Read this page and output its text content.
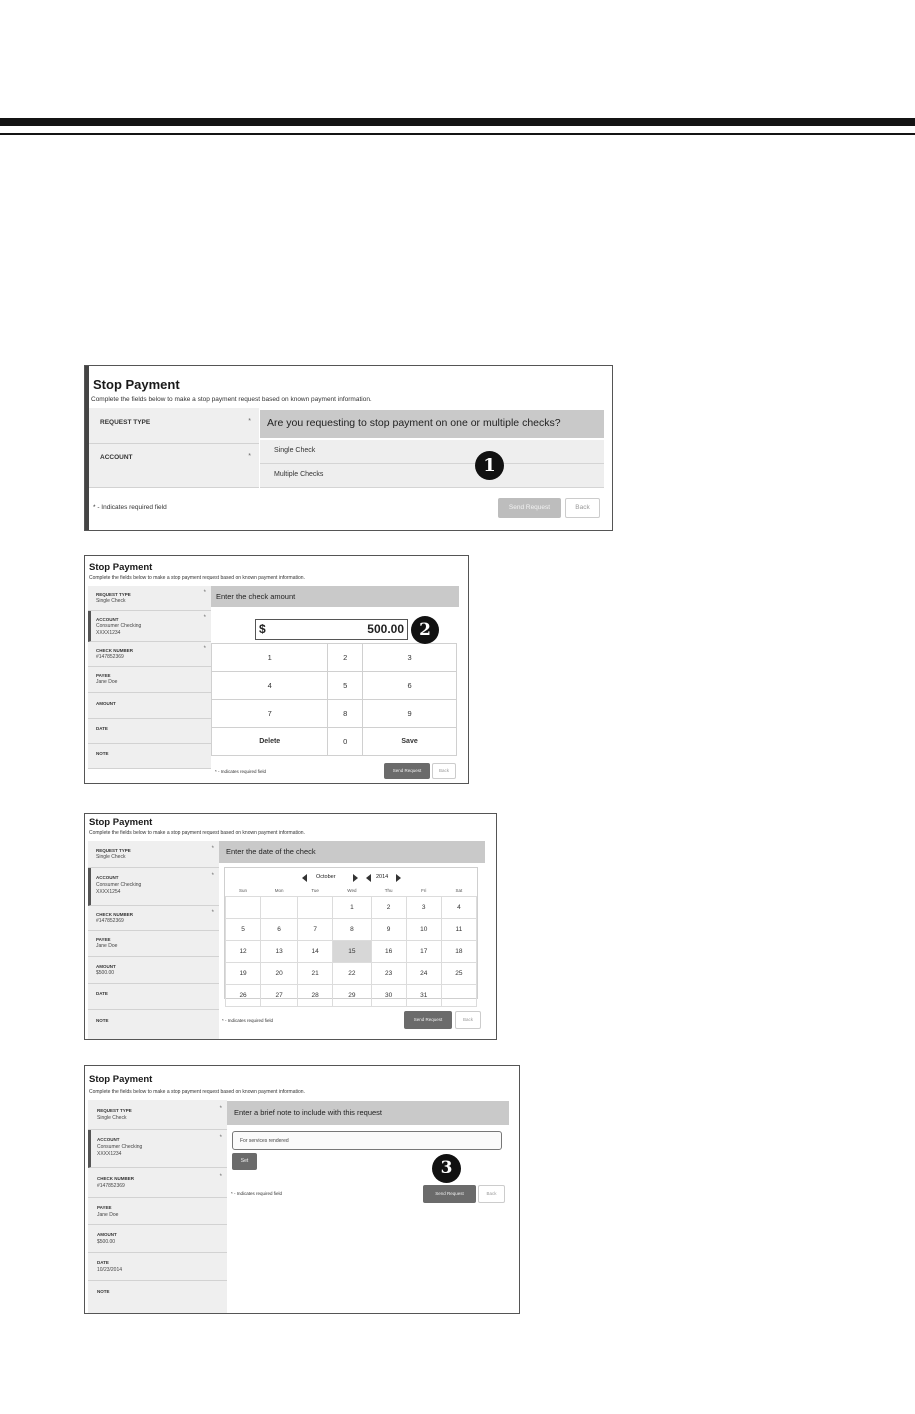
Stop Payment
Complete the fields below to make a stop payment request based on known payment information.
REQUEST TYPE	*
ACCOUNT	*
Are you requesting to stop payment on one or multiple checks?
Single Check
Multiple Checks
* - Indicates required field	Send Request	Back
1
Stop Payment
Complete the fields below to make a stop payment request based on known payment information.
REQUEST TYPE
Single Check
*
ACCOUNT
Consumer Checking
XXXX1234
*
CHECK NUMBER
#147852369
*
PAYEE
Jane Doe
AMOUNT
DATE
NOTE
Enter the check amount
$	500.00
1	2	3
4	5	6
7	8	9
Delete	0	Save
* - Indicates required field	Send Request	Back
2
Stop Payment
Complete the fields below to make a stop payment request based on known payment information.
REQUEST TYPE
Single Check
*
ACCOUNT
Consumer Checking
XXXX1254
*
CHECK NUMBER
#147852369
*
PAYEE
Jane Doe
AMOUNT
$500.00
DATE
NOTE
Enter the date of the check
October	2014
Sun	Mon	Tue	Wed	Thu	Fri	Sat
			1	2	3	4
5	6	7	8	9	10	11
12	13	14	15	16	17	18
19	20	21	22	23	24	25
26	27	28	29	30	31	
* - Indicates required field	Send Request	Back
Stop Payment
Complete the fields below to make a stop payment request based on known payment information.
REQUEST TYPE
Single Check
*
ACCOUNT
Consumer Checking
XXXX1234
*
CHECK NUMBER
#147852369
*
PAYEE
Jane Doe
AMOUNT
$500.00
DATE
10/23/2014
NOTE
Enter a brief note to include with this request
For services rendered
Set
* - Indicates required field	Send Request	Back
3
